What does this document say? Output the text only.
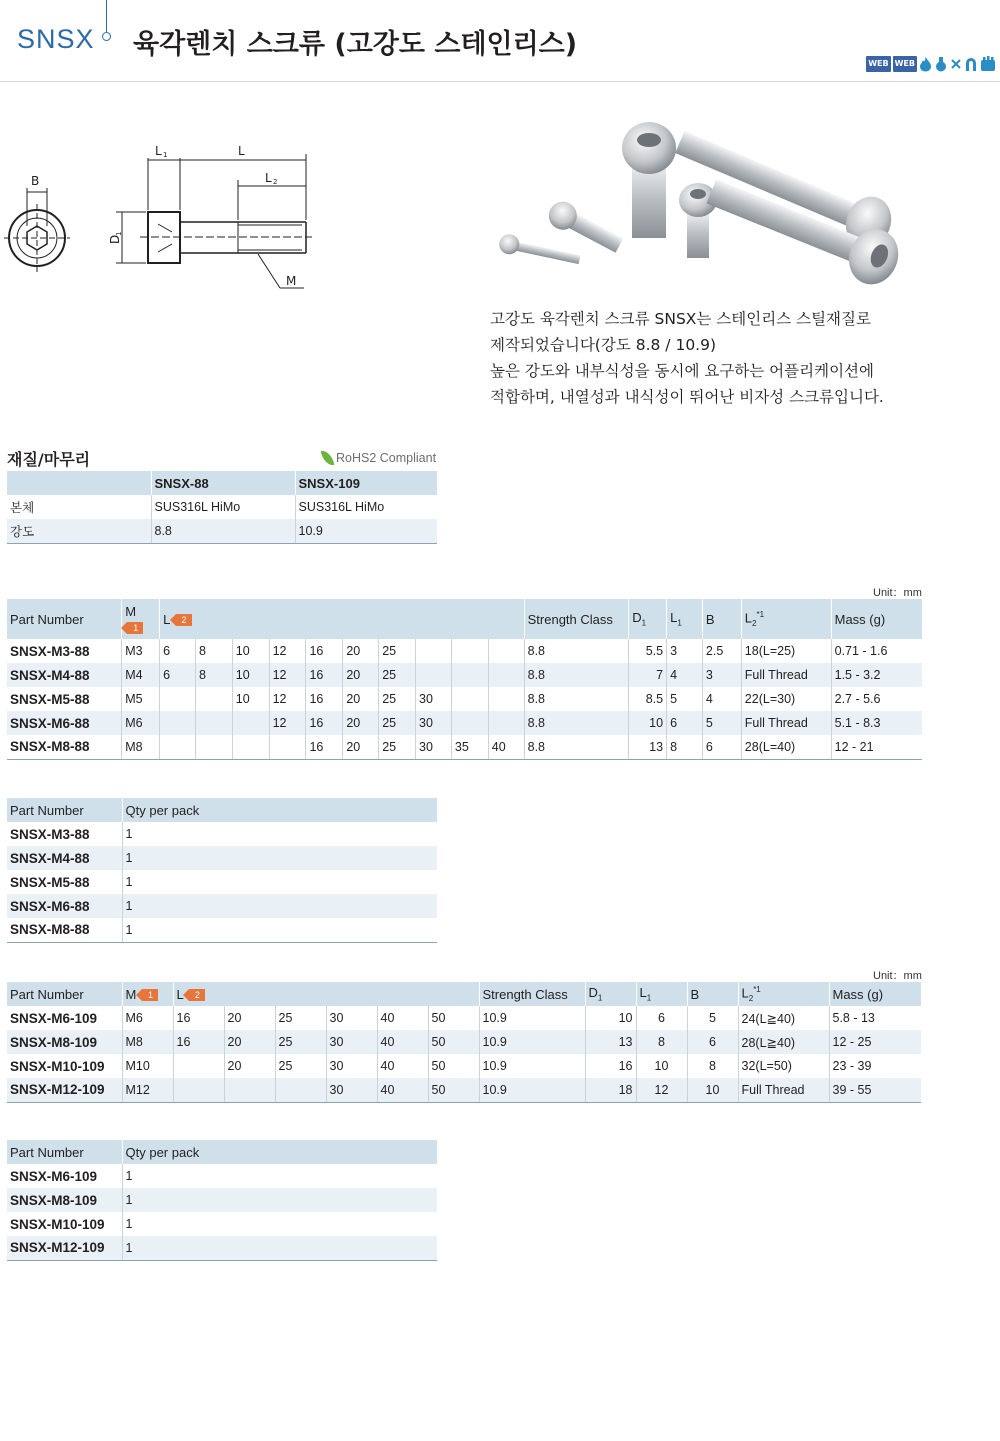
SNSX 육각렌치 스크류 (고강도 스테인리스)
WEB WEB
B
L 1	L
L 2
D
1
M
고강도 육각렌치 스크류 SNSX는 스테인리스 스틸재질로
제작되었습니다(강도 8.8 / 10.9)
높은 강도와 내부식성을 동시에 요구하는 어플리케이션에
적합하며, 내열성과 내식성이 뛰어난 비자성 스크류입니다.
재질/마무리	RoHS2 Compliant
	SNSX-88	SNSX-109
본체	SUS316L HiMo	SUS316L HiMo
강도	8.8	10.9
Unit：mm
Part Number	M
1	L 2										Strength Class	$D_1$	$L_1$	B	$L_2^{*1}$	Mass (g)
SNSX-M3-88	M3	6	8	10	12	16	20	25				8.8	5.5	3	2.5	18(L=25)	0.71 - 1.6
SNSX-M4-88	M4	6	8	10	12	16	20	25				8.8	7	4	3	Full Thread	1.5 - 3.2
SNSX-M5-88	M5			10	12	16	20	25	30			8.8	8.5	5	4	22(L=30)	2.7 - 5.6
SNSX-M6-88	M6				12	16	20	25	30			8.8	10	6	5	Full Thread	5.1 - 8.3
SNSX-M8-88	M8					16	20	25	30	35	40	8.8	13	8	6	28(L=40)	12 - 21
Part Number	Qty per pack
SNSX-M3-88	1
SNSX-M4-88	1
SNSX-M5-88	1
SNSX-M6-88	1
SNSX-M8-88	1
Unit：mm
Part Number	M 1	L 2						Strength Class	$D_1$	$L_1$	B	$L_2^{*1}$	Mass (g)
SNSX-M6-109	M6	16	20	25	30	40	50	10.9	10	6	5	24(L≧40)	5.8 - 13
SNSX-M8-109	M8	16	20	25	30	40	50	10.9	13	8	6	28(L≧40)	12 - 25
SNSX-M10-109	M10		20	25	30	40	50	10.9	16	10	8	32(L=50)	23 - 39
SNSX-M12-109	M12				30	40	50	10.9	18	12	10	Full Thread	39 - 55
Part Number	Qty per pack
SNSX-M6-109	1
SNSX-M8-109	1
SNSX-M10-109	1
SNSX-M12-109	1
